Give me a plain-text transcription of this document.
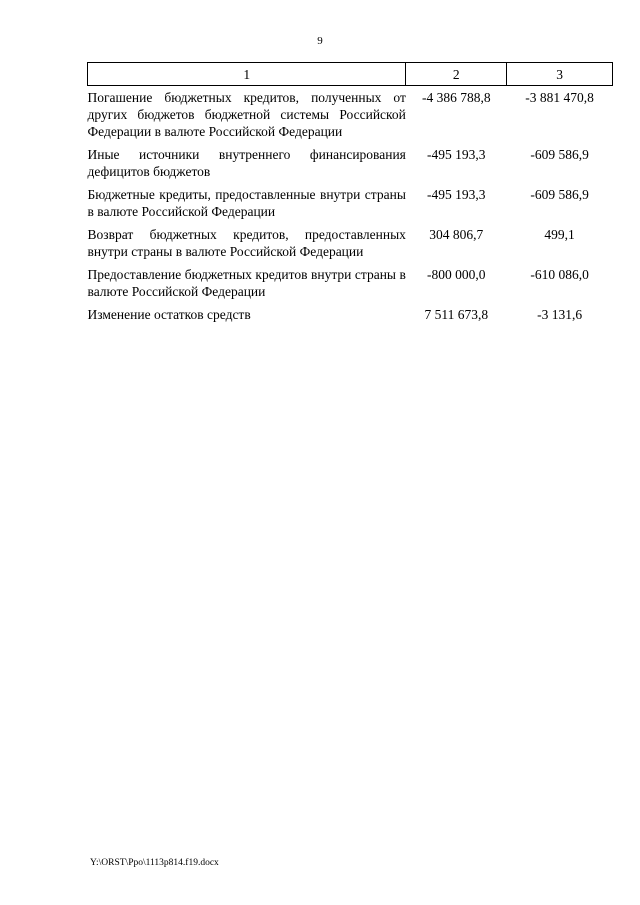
9
1	2	3
Погашение бюджетных кредитов, полученных от других бюджетов бюджетной системы Российской Федерации в валюте Российской Федерации	-4 386 788,8	-3 881 470,8
Иные источники внутреннего финансирования дефицитов бюджетов	-495 193,3	-609 586,9
Бюджетные кредиты, предоставленные внутри страны в валюте Российской Федерации	-495 193,3	-609 586,9
Возврат бюджетных кредитов, предоставленных внутри страны в валюте Российской Федерации	304 806,7	499,1
Предоставление бюджетных кредитов внутри страны в валюте Российской Федерации	-800 000,0	-610 086,0
Изменение остатков средств	7 511 673,8	-3 131,6
Y:\ORST\Ppo\1113p814.f19.docx
